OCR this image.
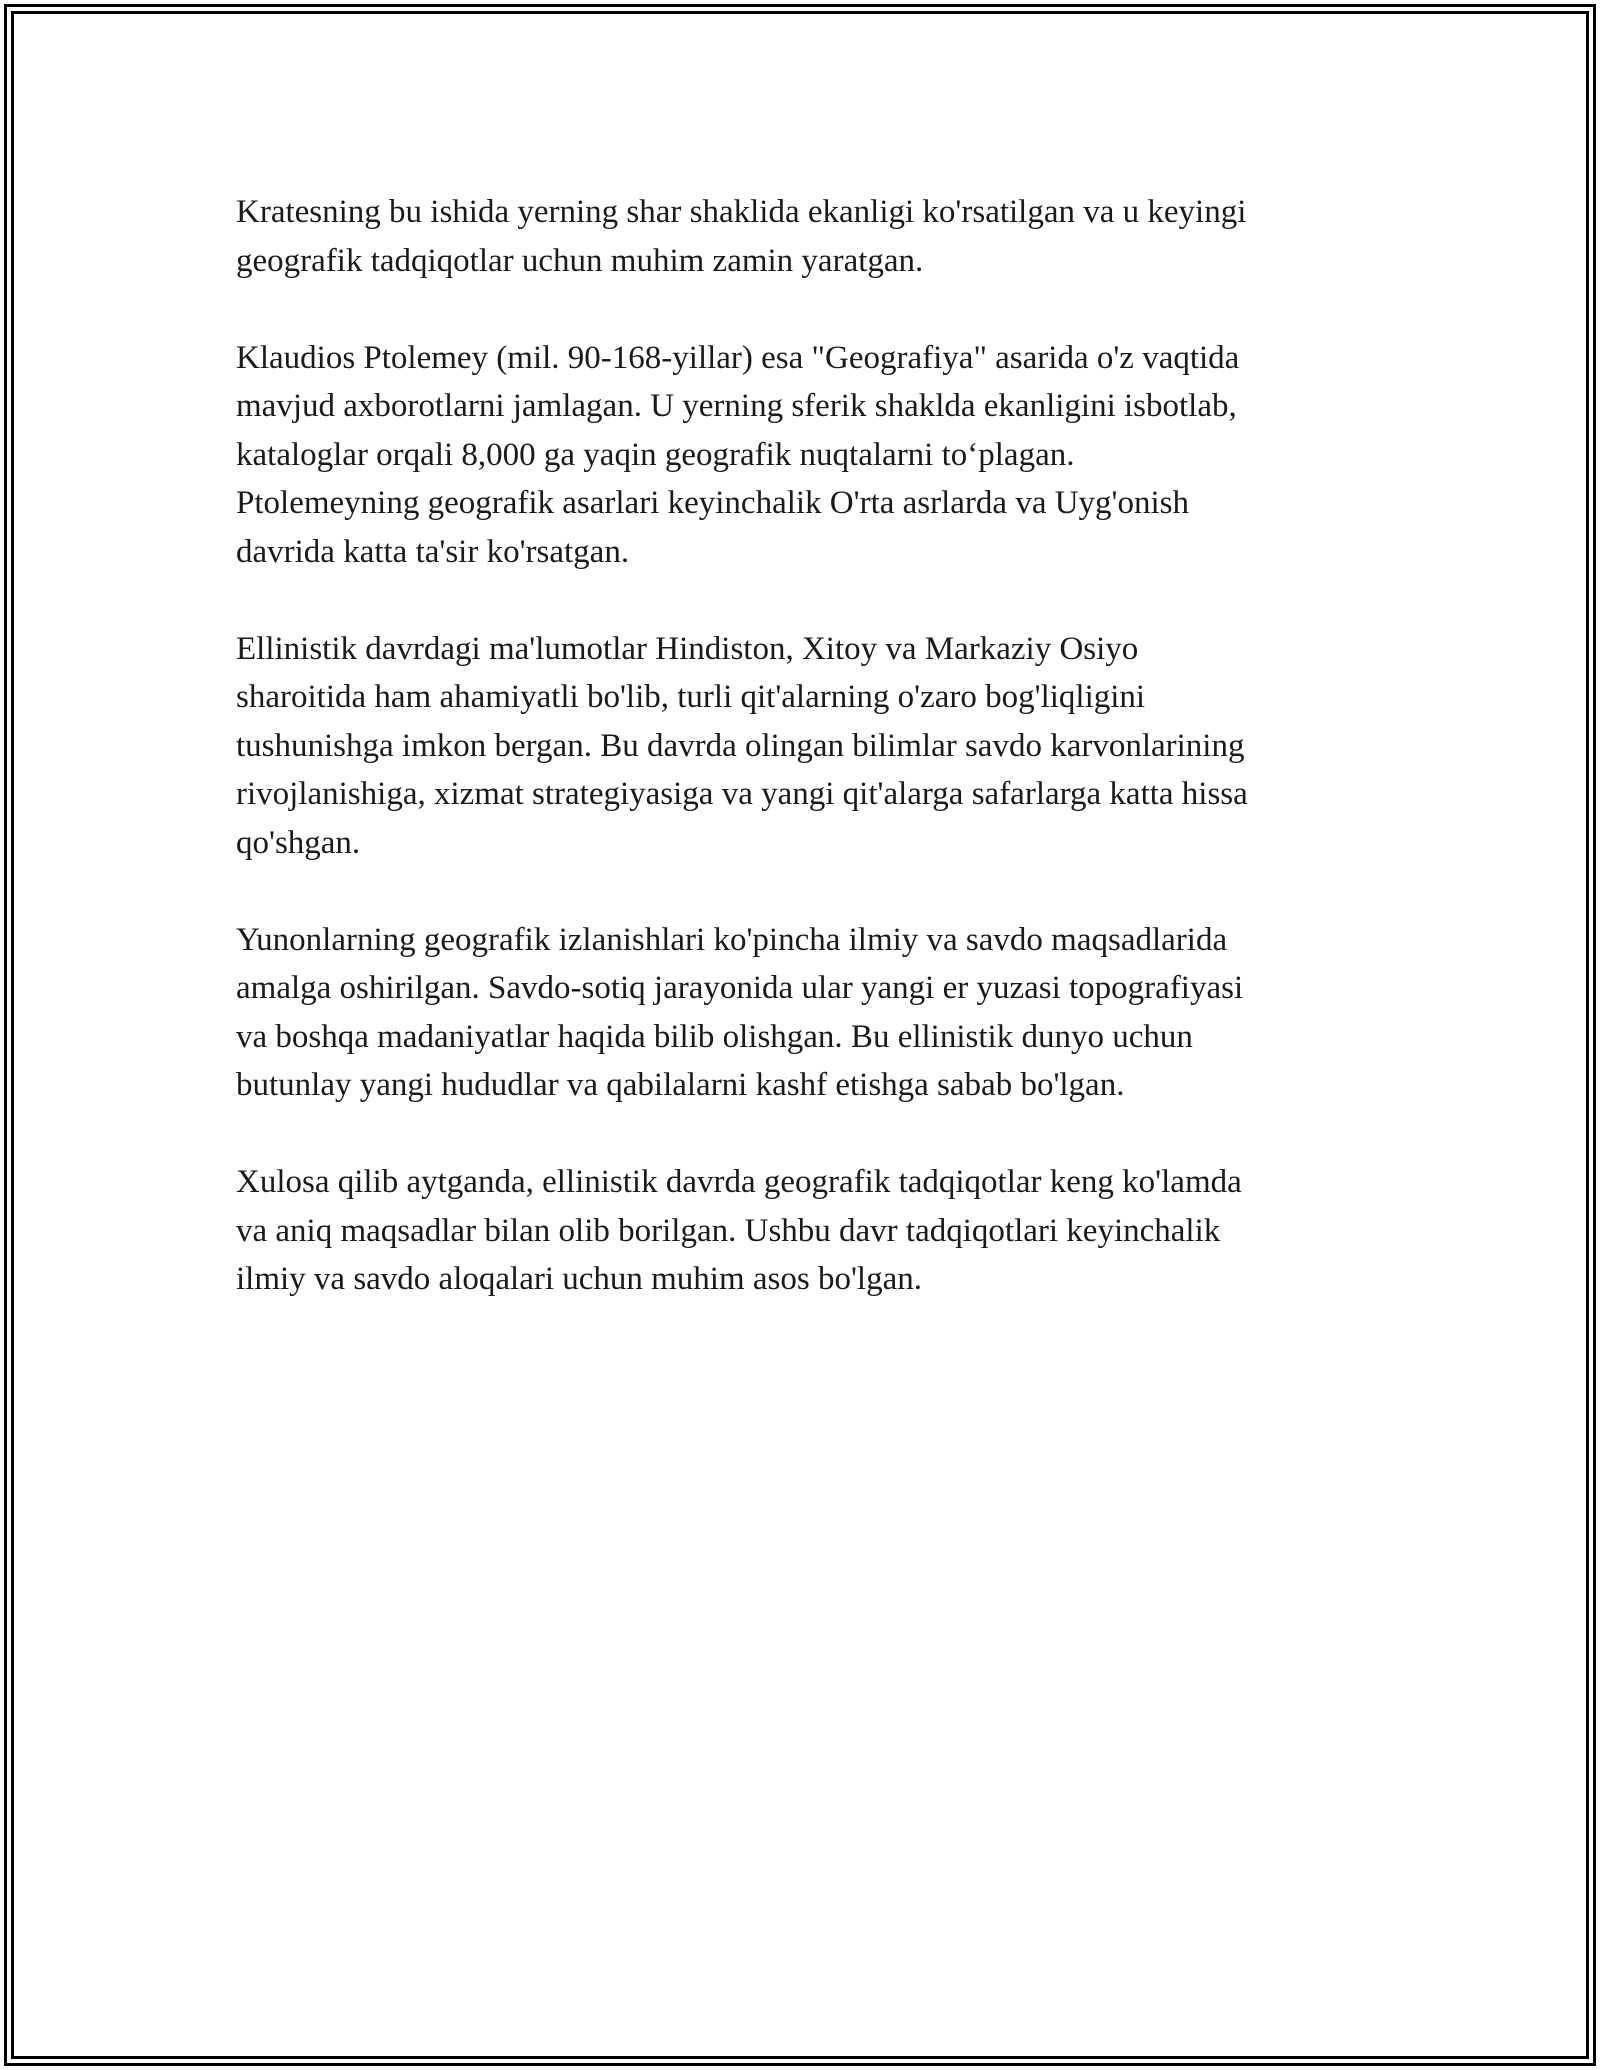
Kratesning bu ishida yerning shar shaklida ekanligi ko'rsatilgan va u keyingi
geografik tadqiqotlar uchun muhim zamin yaratgan.

Klaudios Ptolemey (mil. 90-168-yillar) esa "Geografiya" asarida o'z vaqtida
mavjud axborotlarni jamlagan. U yerning sferik shaklda ekanligini isbotlab,
kataloglar orqali 8,000 ga yaqin geografik nuqtalarni to‘plagan.
Ptolemeyning geografik asarlari keyinchalik O'rta asrlarda va Uyg'onish
davrida katta ta'sir ko'rsatgan.

Ellinistik davrdagi ma'lumotlar Hindiston, Xitoy va Markaziy Osiyo
sharoitida ham ahamiyatli bo'lib, turli qit'alarning o'zaro bog'liqligini
tushunishga imkon bergan. Bu davrda olingan bilimlar savdo karvonlarining
rivojlanishiga, xizmat strategiyasiga va yangi qit'alarga safarlarga katta hissa
qo'shgan.

Yunonlarning geografik izlanishlari ko'pincha ilmiy va savdo maqsadlarida
amalga oshirilgan. Savdo-sotiq jarayonida ular yangi er yuzasi topografiyasi
va boshqa madaniyatlar haqida bilib olishgan. Bu ellinistik dunyo uchun
butunlay yangi hududlar va qabilalarni kashf etishga sabab bo'lgan.

Xulosa qilib aytganda, ellinistik davrda geografik tadqiqotlar keng ko'lamda
va aniq maqsadlar bilan olib borilgan. Ushbu davr tadqiqotlari keyinchalik
ilmiy va savdo aloqalari uchun muhim asos bo'lgan.
